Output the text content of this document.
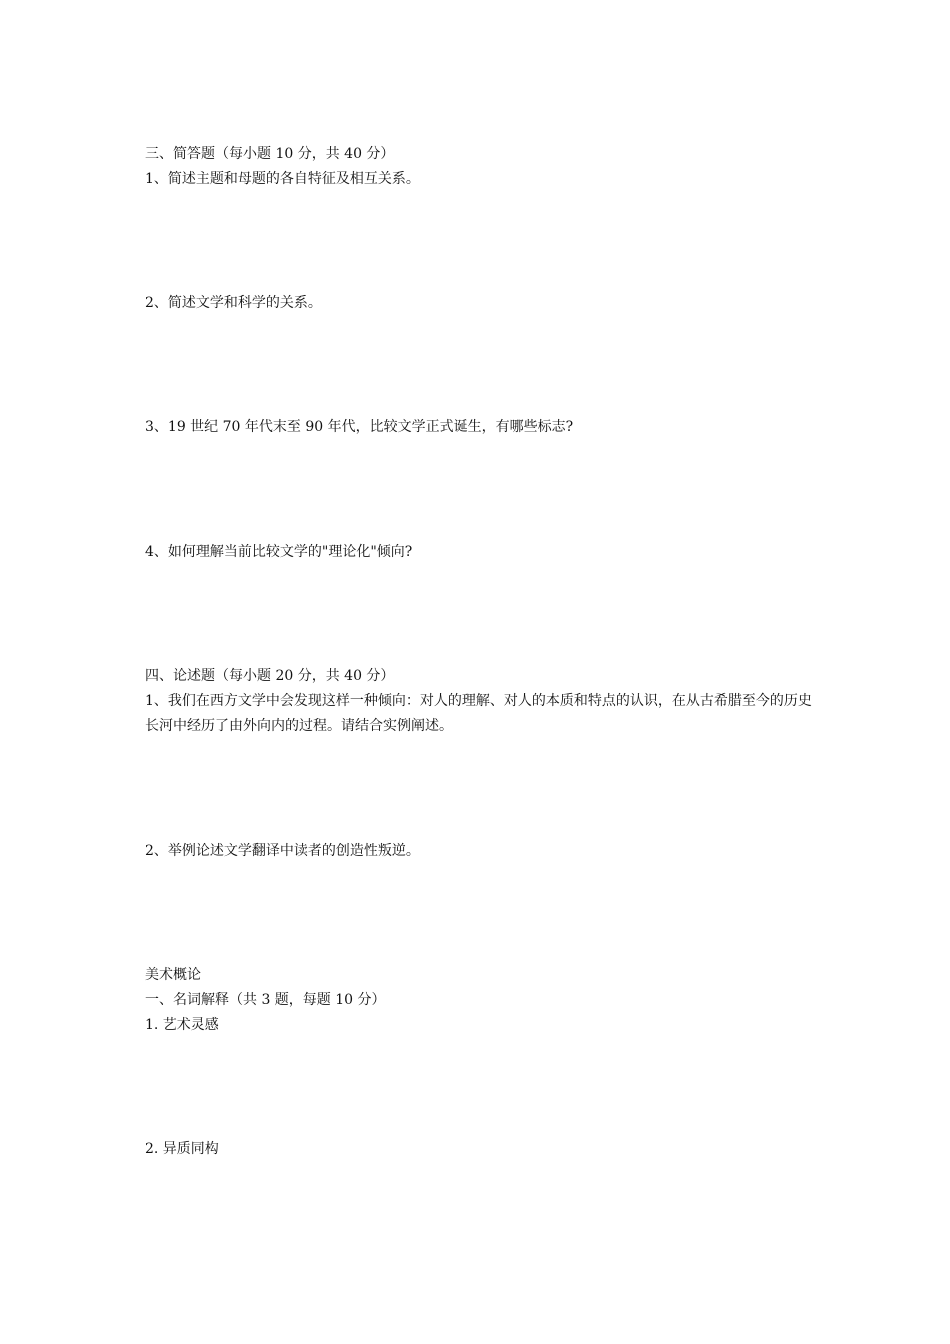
三、简答题（每小题 10 分，共 40 分）
1、简述主题和母题的各自特征及相互关系。
2、简述文学和科学的关系。
3、19 世纪 70 年代末至 90 年代，比较文学正式诞生，有哪些标志?
4、如何理解当前比较文学的"理论化"倾向?
四、论述题（每小题 20 分，共 40 分）
1、我们在西方文学中会发现这样一种倾向：对人的理解、对人的本质和特点的认识，在从古希腊至今的历史长河中经历了由外向内的过程。请结合实例阐述。
2、举例论述文学翻译中读者的创造性叛逆。
美术概论
一、名词解释（共 3 题，每题 10 分）
1. 艺术灵感
2. 异质同构
